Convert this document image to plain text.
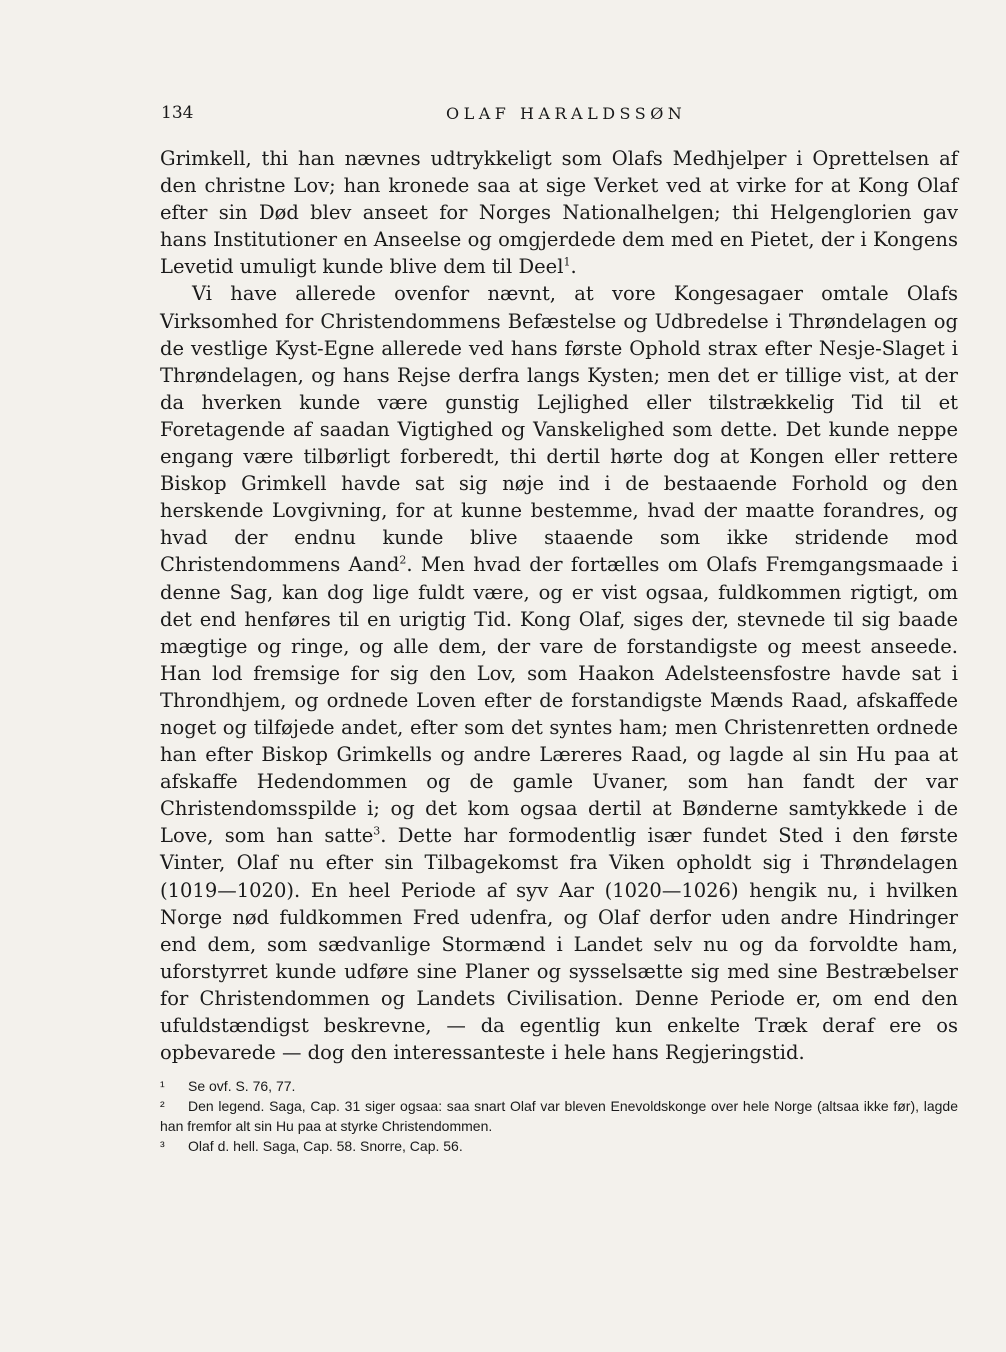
134	OLAF HARALDSSØN

Grimkell, thi han nævnes udtrykkeligt som Olafs Medhjelper i Oprettelsen af den christne Lov; han kronede saa at sige Verket ved at virke for at Kong Olaf efter sin Død blev anseet for Norges Nationalhelgen; thi Helgenglorien gav hans Institutioner en Anseelse og omgjerdede dem med en Pietet, der i Kongens Levetid umuligt kunde blive dem til Deel$^1$.

Vi have allerede ovenfor nævnt, at vore Kongesagaer omtale Olafs Virksomhed for Christendommens Befæstelse og Udbredelse i Thrøndelagen og de vestlige Kyst-Egne allerede ved hans første Ophold strax efter Nesje-Slaget i Thrøndelagen, og hans Rejse derfra langs Kysten; men det er tillige vist, at der da hverken kunde være gunstig Lejlighed eller tilstrækkelig Tid til et Foretagende af saadan Vigtighed og Vanskelighed som dette. Det kunde neppe engang være tilbørligt forberedt, thi dertil hørte dog at Kongen eller rettere Biskop Grimkell havde sat sig nøje ind i de bestaaende Forhold og den herskende Lovgivning, for at kunne bestemme, hvad der maatte forandres, og hvad der endnu kunde blive staaende som ikke stridende mod Christendommens Aand$^2$. Men hvad der fortælles om Olafs Fremgangsmaade i denne Sag, kan dog lige fuldt være, og er vist ogsaa, fuldkommen rigtigt, om det end henføres til en urigtig Tid. Kong Olaf, siges der, stevnede til sig baade mægtige og ringe, og alle dem, der vare de forstandigste og meest anseede. Han lod fremsige for sig den Lov, som Haakon Adelsteensfostre havde sat i Throndhjem, og ordnede Loven efter de forstandigste Mænds Raad, afskaffede noget og tilføjede andet, efter som det syntes ham; men Christenretten ordnede han efter Biskop Grimkells og andre Læreres Raad, og lagde al sin Hu paa at afskaffe Hedendommen og de gamle Uvaner, som han fandt der var Christendomsspilde i; og det kom ogsaa dertil at Bønderne samtykkede i de Love, som han satte$^3$. Dette har formodentlig især fundet Sted i den første Vinter, Olaf nu efter sin Tilbagekomst fra Viken opholdt sig i Thrøndelagen (1019—1020). En heel Periode af syv Aar (1020—1026) hengik nu, i hvilken Norge nød fuldkommen Fred udenfra, og Olaf derfor uden andre Hindringer end dem, som sædvanlige Stormænd i Landet selv nu og da forvoldte ham, uforstyrret kunde udføre sine Planer og sysselsætte sig med sine Bestræbelser for Christendommen og Landets Civilisation. Denne Periode er, om end den ufuldstændigst beskrevne, — da egentlig kun enkelte Træk deraf ere os opbevarede — dog den interessanteste i hele hans Regjeringstid.

¹ Se ovf. S. 76, 77.

² Den legend. Saga, Cap. 31 siger ogsaa: saa snart Olaf var bleven Enevoldskonge over hele Norge (altsaa ikke før), lagde han fremfor alt sin Hu paa at styrke Christendommen.

³ Olaf d. hell. Saga, Cap. 58. Snorre, Cap. 56.
